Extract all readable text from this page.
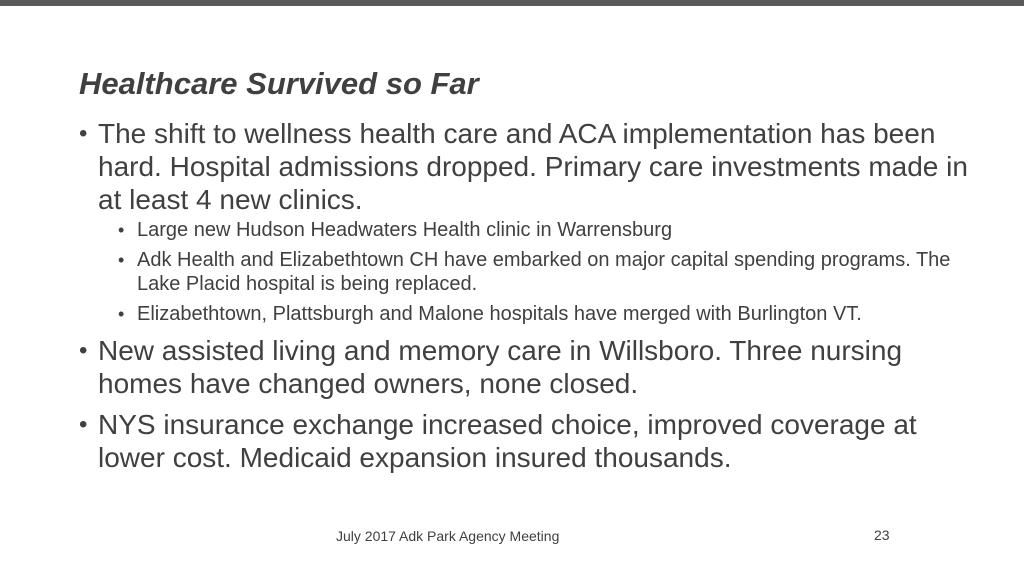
Healthcare Survived so Far
• The shift to wellness health care and ACA implementation has been hard. Hospital admissions dropped. Primary care investments made in at least 4 new clinics.
• Large new Hudson Headwaters Health clinic in Warrensburg
• Adk Health and Elizabethtown CH have embarked on major capital spending programs. The Lake Placid hospital is being replaced.
• Elizabethtown, Plattsburgh and Malone hospitals have merged with Burlington VT.
• New assisted living and memory care in Willsboro. Three nursing homes have changed owners, none closed.
• NYS insurance exchange increased choice, improved coverage at lower cost. Medicaid expansion insured thousands.
July 2017 Adk Park Agency Meeting	23
